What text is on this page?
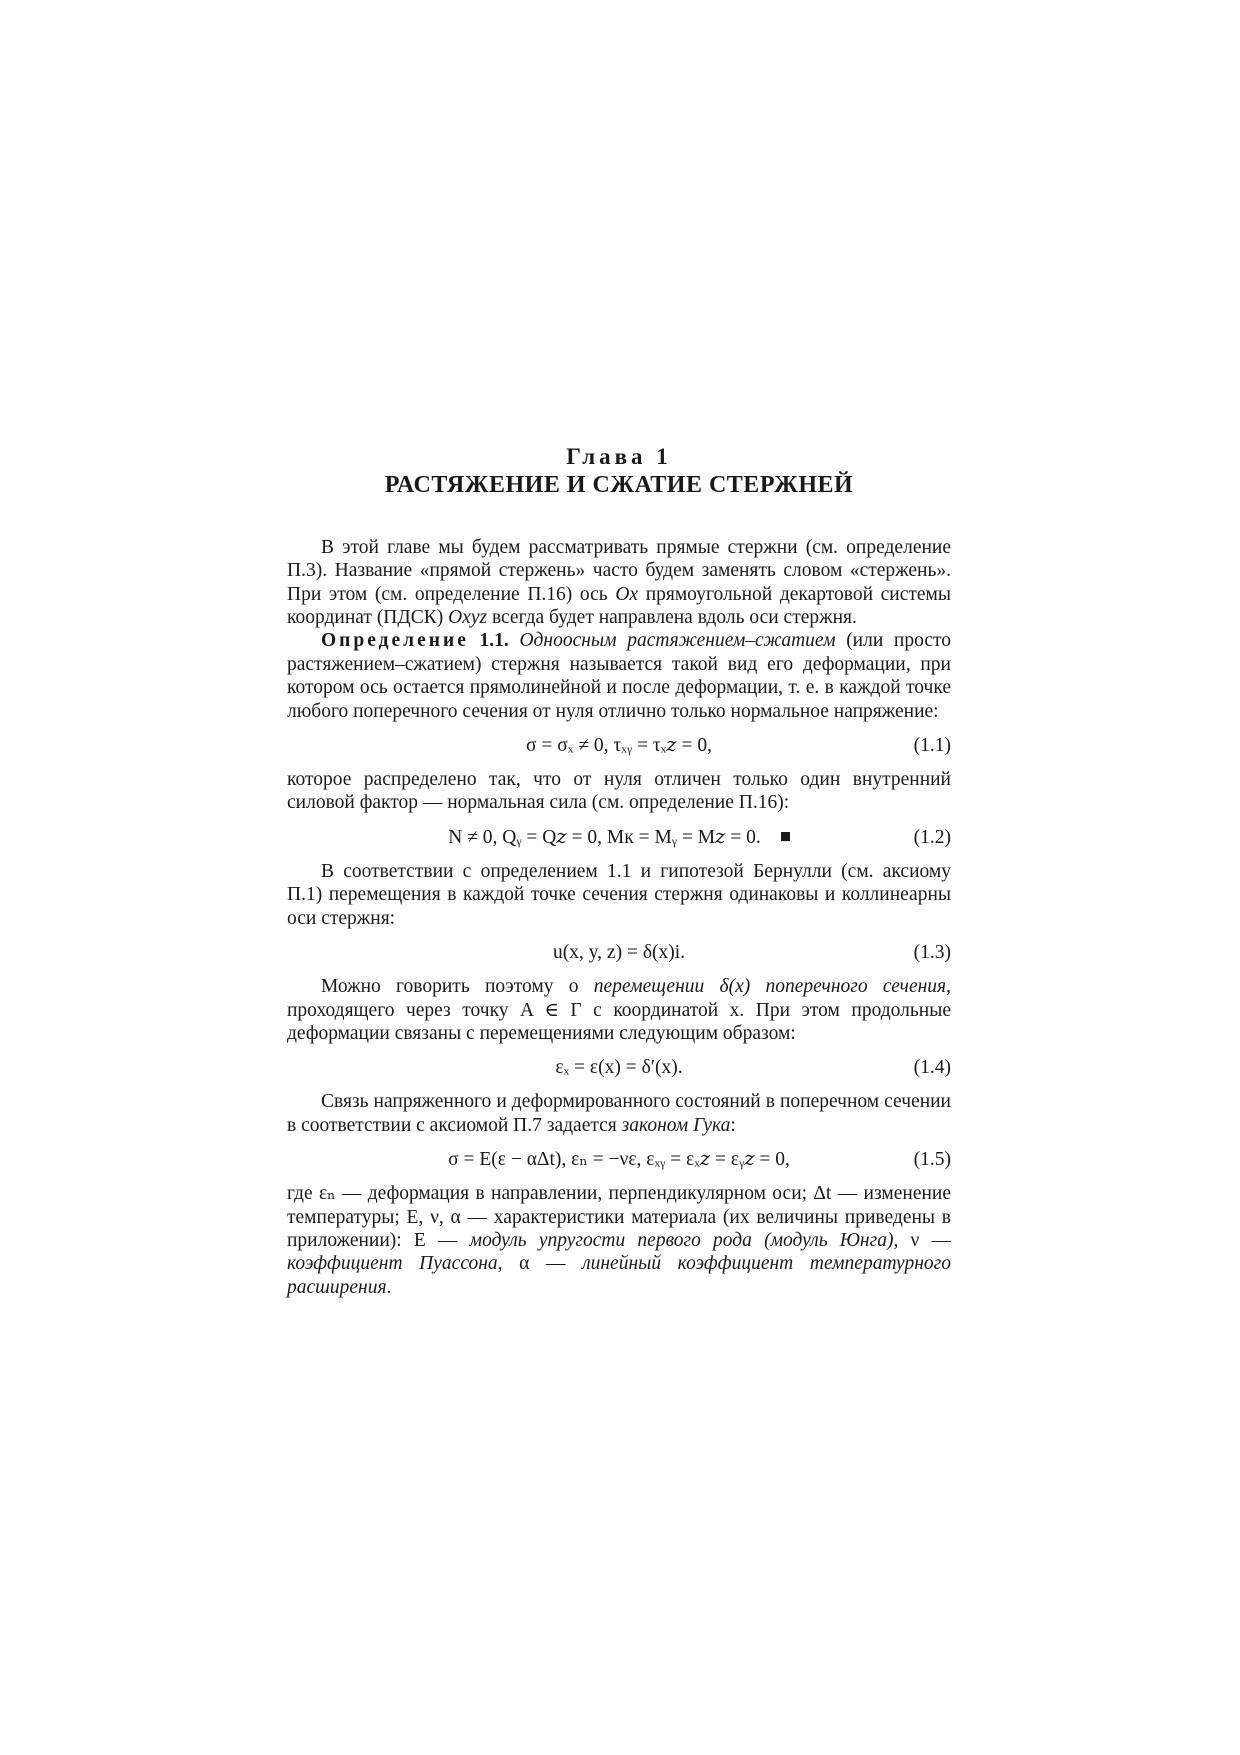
Глава 1
РАСТЯЖЕНИЕ И СЖАТИЕ СТЕРЖНЕЙ

В этой главе мы будем рассматривать прямые стержни (см. определение П.3). Название «прямой стержень» часто будем заменять словом «стержень». При этом (см. определение П.16) ось Ox прямоугольной декартовой системы координат (ПДСК) Oxyz всегда будет направлена вдоль оси стержня.

Определение 1.1. Одноосным растяжением–сжатием (или просто растяжением–сжатием) стержня называется такой вид его деформации, при котором ось остается прямолинейной и после деформации, т. е. в каждой точке любого поперечного сечения от нуля отлично только нормальное напряжение:

σ = σₓ ≠ 0, τₓᵧ = τₓ𝑧 = 0,	(1.1)

которое распределено так, что от нуля отличен только один внутренний силовой фактор — нормальная сила (см. определение П.16):

N ≠ 0, Qᵧ = Q𝑧 = 0, Mк = Mᵧ = M𝑧 = 0.	(1.2)

В соответствии с определением 1.1 и гипотезой Бернулли (см. аксиому П.1) перемещения в каждой точке сечения стержня одинаковы и коллинеарны оси стержня:

u(x, y, z) = δ(x)i.	(1.3)

Можно говорить поэтому о перемещении δ(x) поперечного сечения, проходящего через точку A ∈ Γ с координатой x. При этом продольные деформации связаны с перемещениями следующим образом:

εₓ = ε(x) = δ′(x).	(1.4)

Связь напряженного и деформированного состояний в поперечном сечении в соответствии с аксиомой П.7 задается законом Гука:

σ = E(ε − αΔt), εₙ = −νε, εₓᵧ = εₓ𝑧 = εᵧ𝑧 = 0,	(1.5)

где εₙ — деформация в направлении, перпендикулярном оси; Δt — изменение температуры; E, ν, α — характеристики материала (их величины приведены в приложении): E — модуль упругости первого рода (модуль Юнга), ν — коэффициент Пуассона, α — линейный коэффициент температурного расширения.
